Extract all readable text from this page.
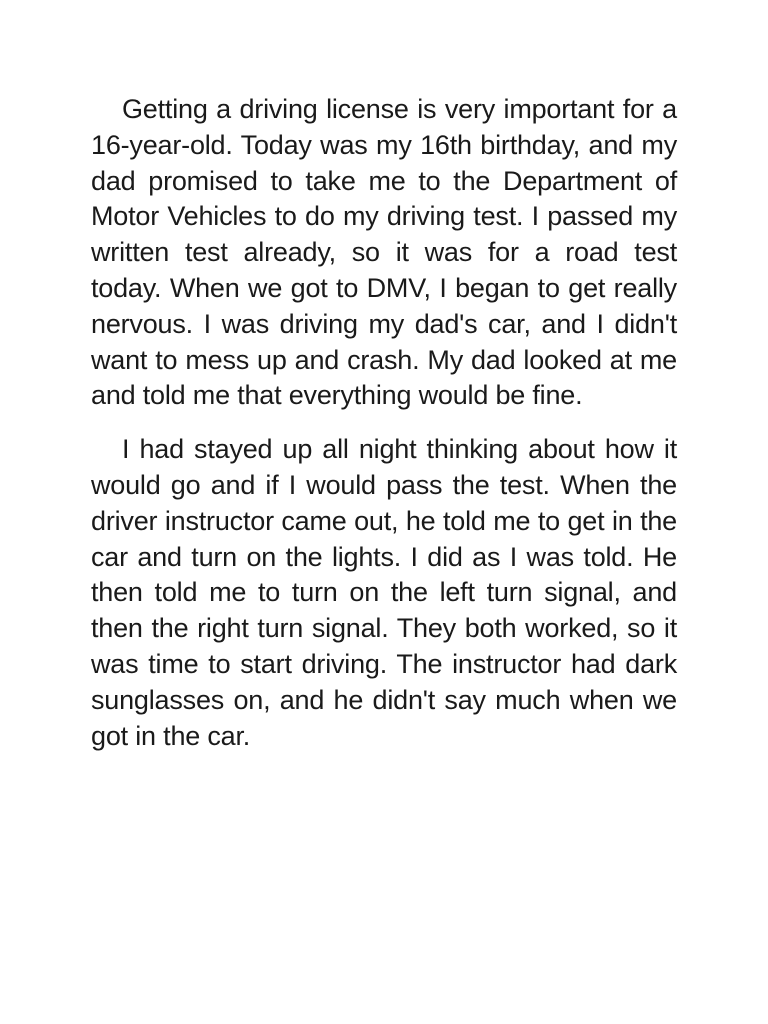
Getting a driving license is very important for a 16-year-old. Today was my 16th birthday, and my dad promised to take me to the Department of Motor Vehicles to do my driving test. I passed my written test already, so it was for a road test today. When we got to DMV, I began to get really nervous. I was driving my dad's car, and I didn't want to mess up and crash. My dad looked at me and told me that everything would be fine.

I had stayed up all night thinking about how it would go and if I would pass the test. When the driver instructor came out, he told me to get in the car and turn on the lights. I did as I was told. He then told me to turn on the left turn signal, and then the right turn signal. They both worked, so it was time to start driving. The instructor had dark sunglasses on, and he didn't say much when we got in the car.
